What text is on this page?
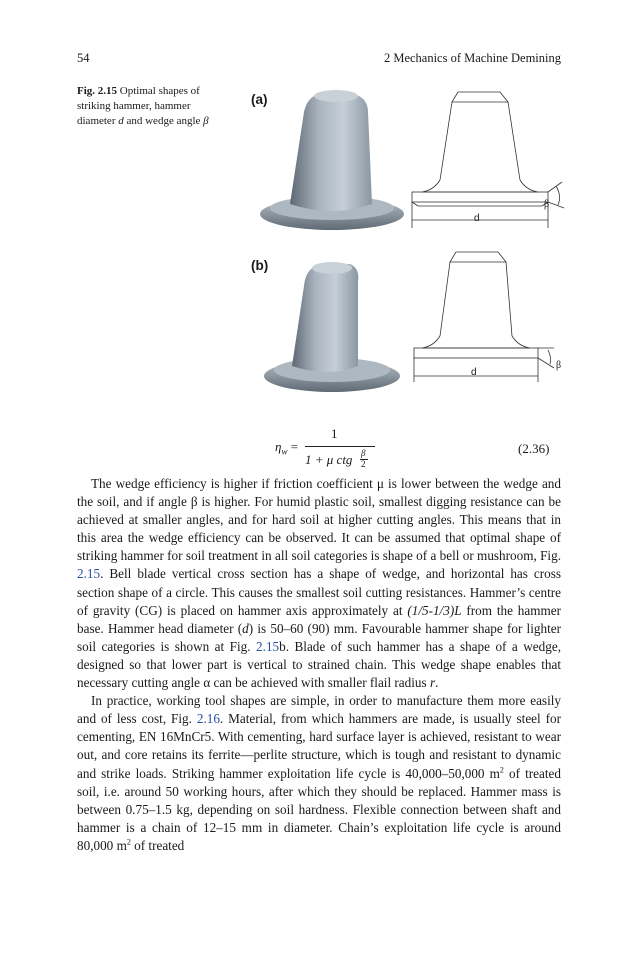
54	2 Mechanics of Machine Demining
Fig. 2.15 Optimal shapes of striking hammer, hammer diameter d and wedge angle β
(a)
(b)
d
β
d
β
$\eta_w$ =
1
1 + μ ctg β
2
(2.36)

The wedge efficiency is higher if friction coefficient μ is lower between the wedge and the soil, and if angle β is higher. For humid plastic soil, smallest digging resistance can be achieved at smaller angles, and for hard soil at higher cutting angles. This means that in this area the wedge efficiency can be observed. It can be assumed that optimal shape of striking hammer for soil treatment in all soil categories is shape of a bell or mushroom, Fig. 2.15. Bell blade vertical cross section has a shape of wedge, and horizontal has cross section shape of a circle. This causes the smallest soil cutting resistances. Hammer’s centre of gravity (CG) is placed on hammer axis approximately at (1/5-1/3)L from the hammer base. Hammer head diameter (d) is 50–60 (90) mm. Favourable hammer shape for lighter soil categories is shown at Fig. 2.15b. Blade of such hammer has a shape of a wedge, designed so that lower part is vertical to strained chain. This wedge shape enables that necessary cutting angle α can be achieved with smaller flail radius r.

In practice, working tool shapes are simple, in order to manufacture them more easily and of less cost, Fig. 2.16. Material, from which hammers are made, is usually steel for cementing, EN 16MnCr5. With cementing, hard surface layer is achieved, resistant to wear out, and core retains its ferrite—perlite structure, which is tough and resistant to dynamic and strike loads. Striking hammer exploitation life cycle is 40,000–50,000 $m^2$ of treated soil, i.e. around 50 working hours, after which they should be replaced. Hammer mass is between 0.75–1.5 kg, depending on soil hardness. Flexible connection between shaft and hammer is a chain of 12–15 mm in diameter. Chain’s exploitation life cycle is around 80,000 $m^2$ of treated
